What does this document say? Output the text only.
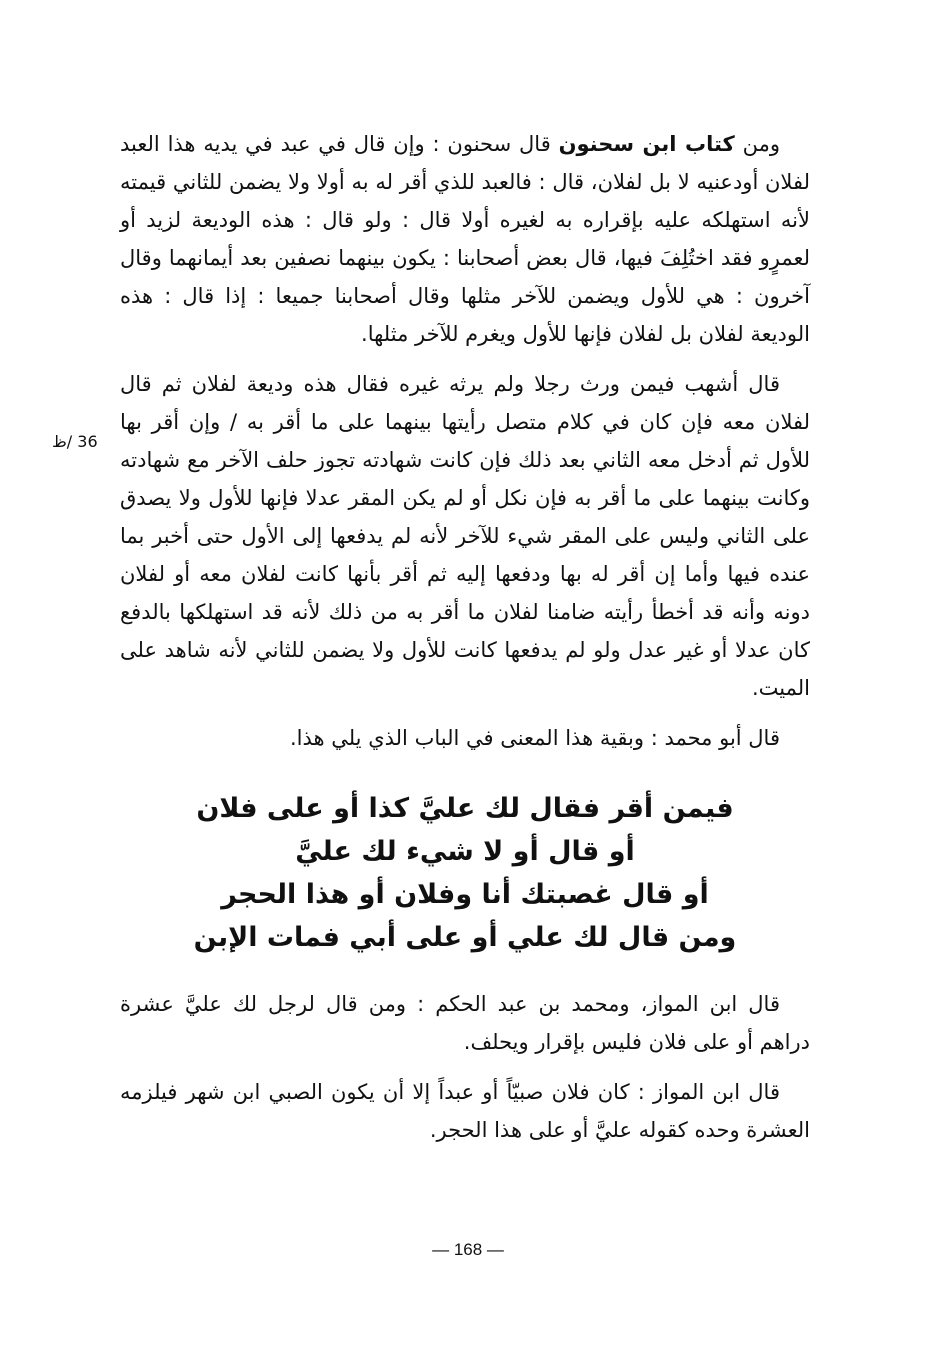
36 /ظ

ومن كتاب ابن سحنون قال سحنون : وإن قال في عبد في يديه هذا العبد لفلان أودعنيه لا بل لفلان، قال : فالعبد للذي أقر له به أولا ولا يضمن للثاني قيمته لأنه استهلكه عليه بإقراره به لغيره أولا قال : ولو قال : هذه الوديعة لزيد أو لعمرٍو فقد اختُلِفَ فيها، قال بعض أصحابنا : يكون بينهما نصفين بعد أيمانهما وقال آخرون : هي للأول ويضمن للآخر مثلها وقال أصحابنا جميعا : إذا قال : هذه الوديعة لفلان بل لفلان فإنها للأول ويغرم للآخر مثلها.

قال أشهب فيمن ورث رجلا ولم يرثه غيره فقال هذه وديعة لفلان ثم قال لفلان معه فإن كان في كلام متصل رأيتها بينهما على ما أقر به / وإن أقر بها للأول ثم أدخل معه الثاني بعد ذلك فإن كانت شهادته تجوز حلف الآخر مع شهادته وكانت بينهما على ما أقر به فإن نكل أو لم يكن المقر عدلا فإنها للأول ولا يصدق على الثاني وليس على المقر شيء للآخر لأنه لم يدفعها إلى الأول حتى أخبر بما عنده فيها وأما إن أقر له بها ودفعها إليه ثم أقر بأنها كانت لفلان معه أو لفلان دونه وأنه قد أخطأ رأيته ضامنا لفلان ما أقر به من ذلك لأنه قد استهلكها بالدفع كان عدلا أو غير عدل ولو لم يدفعها كانت للأول ولا يضمن للثاني لأنه شاهد على الميت.

قال أبو محمد : وبقية هذا المعنى في الباب الذي يلي هذا.

فيمن أقر فقال لك عليَّ كذا أو على فلان
أو قال أو لا شيء لك عليَّ
أو قال غصبتك أنا وفلان أو هذا الحجر
ومن قال لك علي أو على أبي فمات الإبن

قال ابن المواز، ومحمد بن عبد الحكم : ومن قال لرجل لك عليَّ عشرة دراهم أو على فلان فليس بإقرار ويحلف.

قال ابن المواز : كان فلان صبيّاً أو عبداً إلا أن يكون الصبي ابن شهر فيلزمه العشرة وحده كقوله عليَّ أو على هذا الحجر.

— 168 —
